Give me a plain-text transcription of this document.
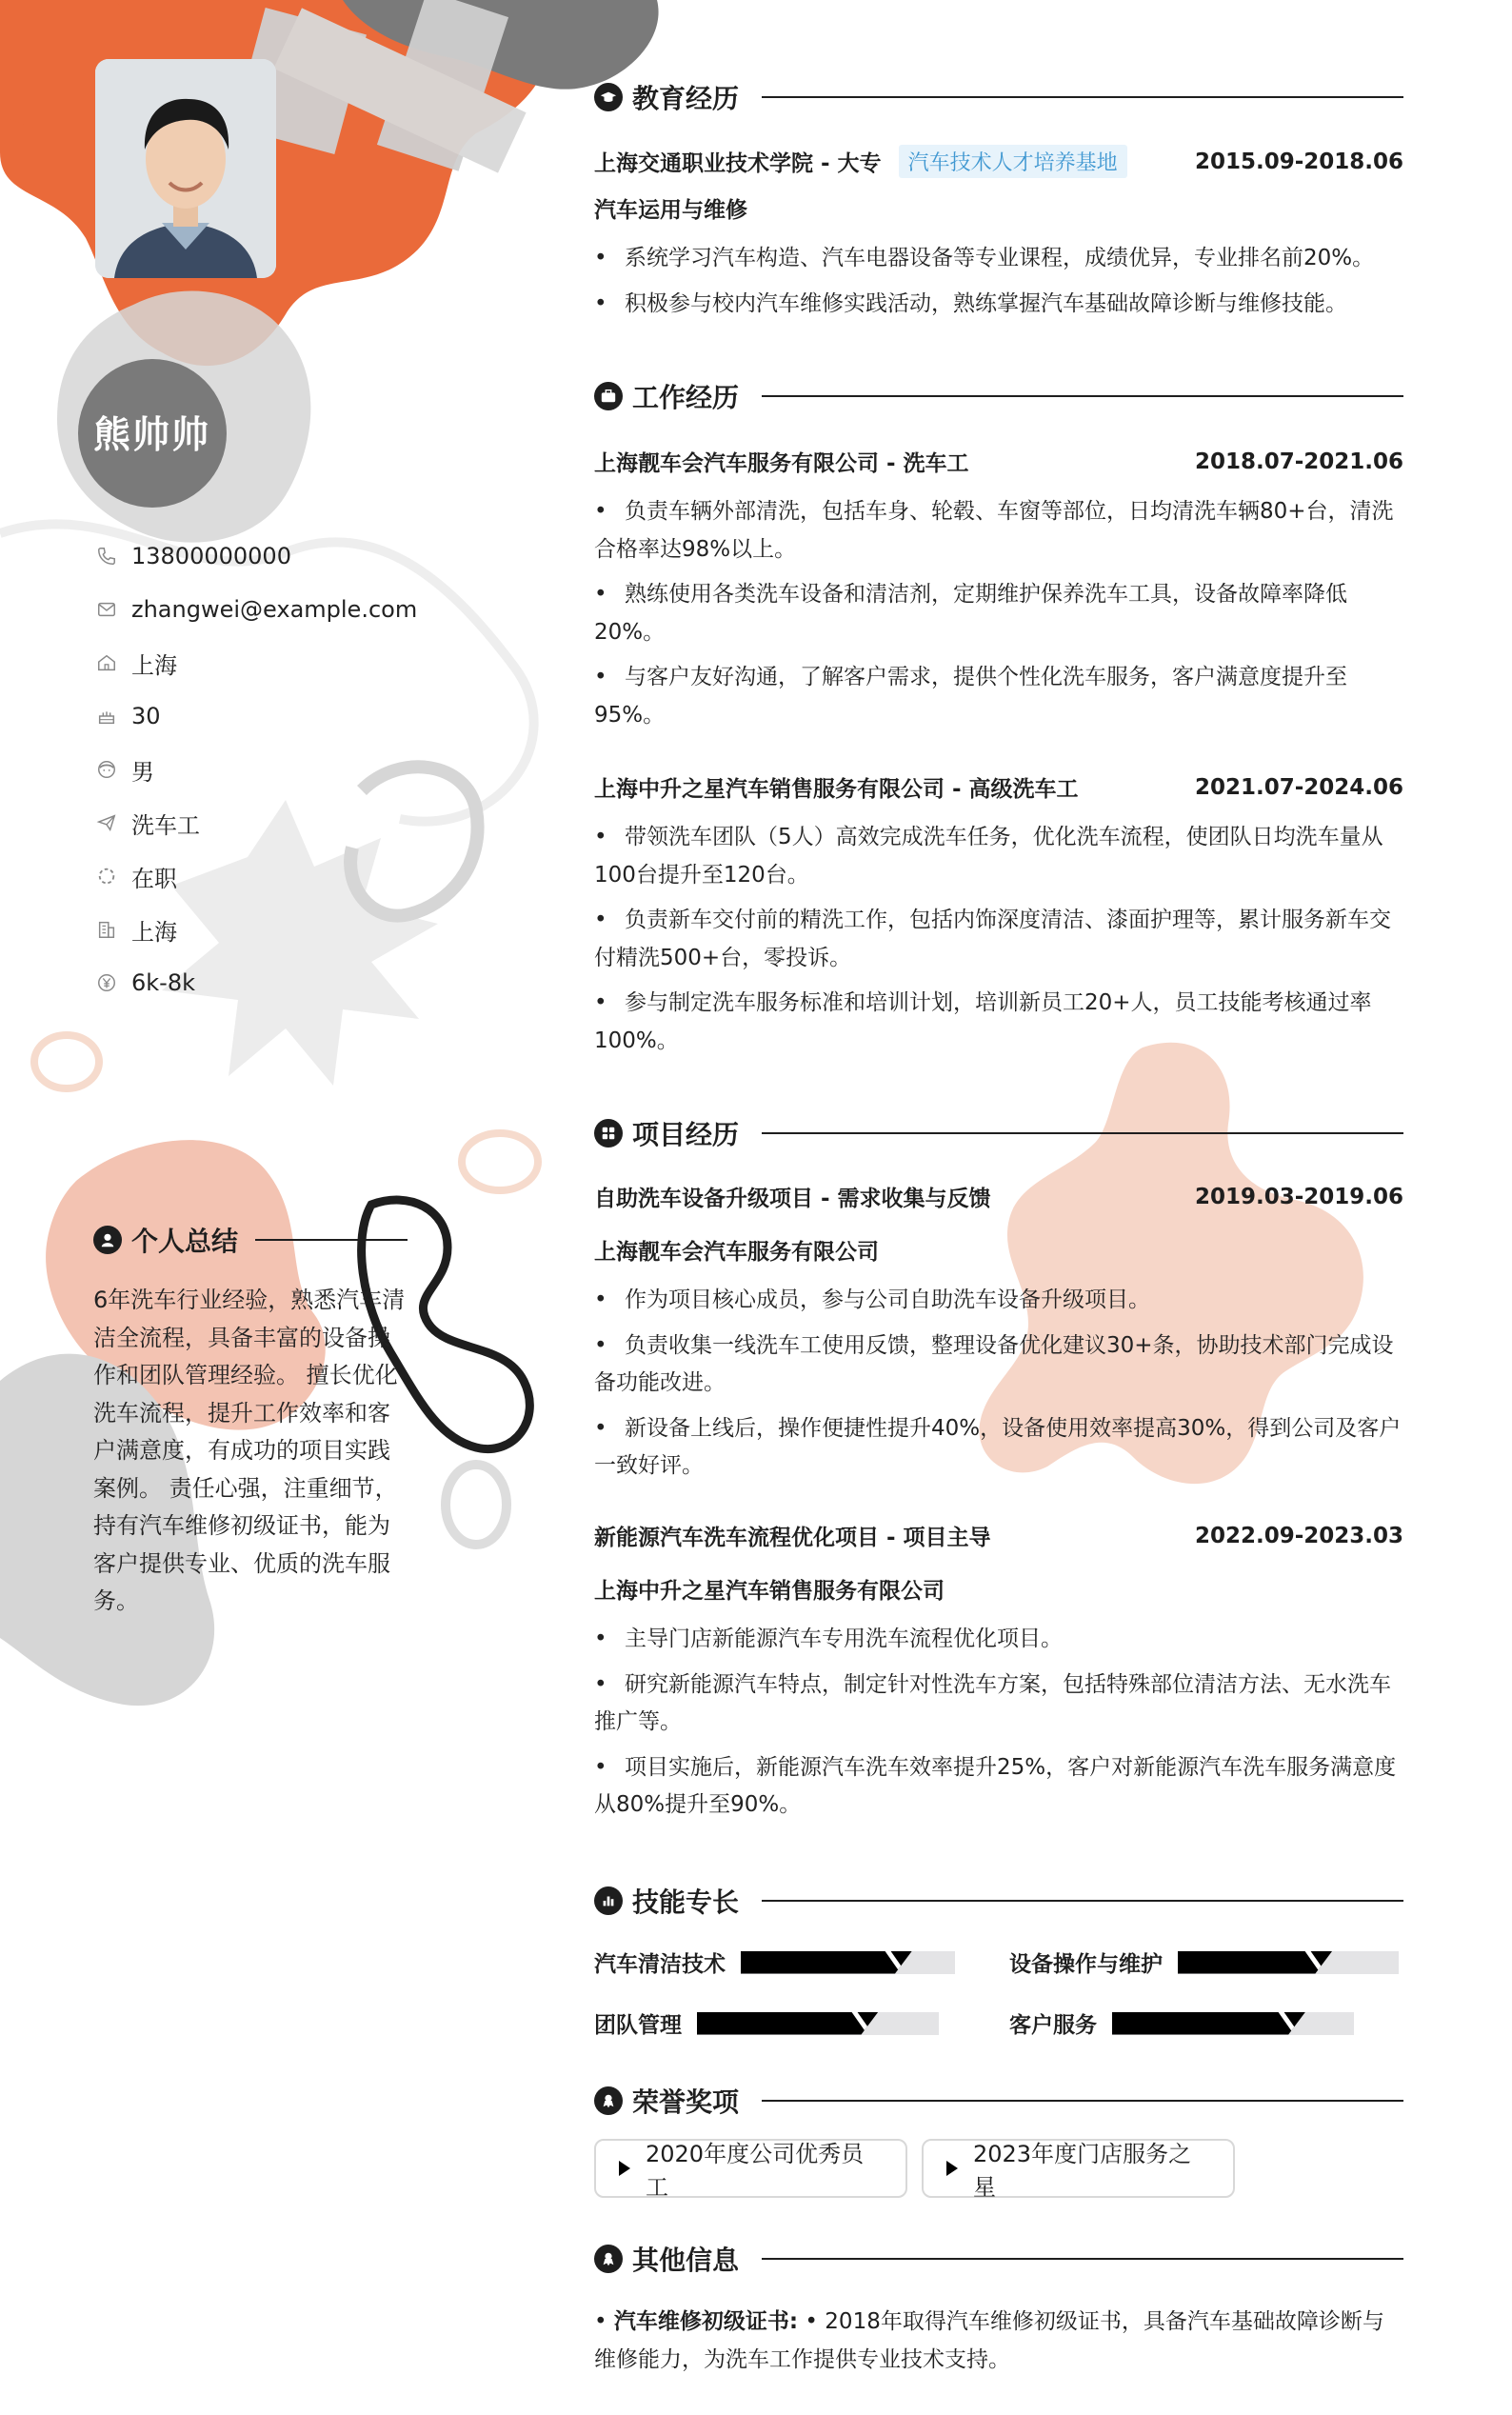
熊帅帅
13800000000
zhangwei@example.com
上海
30
男
洗车工
在职
上海
6k-8k
个人总结
6年洗车行业经验，熟悉汽车清洁全流程，具备丰富的设备操作和团队管理经验。 擅长优化洗车流程，提升工作效率和客户满意度，有成功的项目实践案例。 责任心强，注重细节，持有汽车维修初级证书，能为客户提供专业、优质的洗车服务。
教育经历
上海交通职业技术学院 - 大专	汽车技术人才培养基地	2015.09-2018.06
汽车运用与维修
• 系统学习汽车构造、汽车电器设备等专业课程，成绩优异，专业排名前20%。
• 积极参与校内汽车维修实践活动，熟练掌握汽车基础故障诊断与维修技能。
工作经历
上海靓车会汽车服务有限公司 - 洗车工	2018.07-2021.06
• 负责车辆外部清洗，包括车身、轮毂、车窗等部位，日均清洗车辆80+台，清洗合格率达98%以上。
• 熟练使用各类洗车设备和清洁剂，定期维护保养洗车工具，设备故障率降低20%。
• 与客户友好沟通，了解客户需求，提供个性化洗车服务，客户满意度提升至95%。
上海中升之星汽车销售服务有限公司 - 高级洗车工	2021.07-2024.06
• 带领洗车团队（5人）高效完成洗车任务，优化洗车流程，使团队日均洗车量从100台提升至120台。
• 负责新车交付前的精洗工作，包括内饰深度清洁、漆面护理等，累计服务新车交付精洗500+台，零投诉。
• 参与制定洗车服务标准和培训计划，培训新员工20+人，员工技能考核通过率100%。
项目经历
自助洗车设备升级项目 - 需求收集与反馈	2019.03-2019.06
上海靓车会汽车服务有限公司
• 作为项目核心成员，参与公司自助洗车设备升级项目。
• 负责收集一线洗车工使用反馈，整理设备优化建议30+条，协助技术部门完成设备功能改进。
• 新设备上线后，操作便捷性提升40%，设备使用效率提高30%，得到公司及客户一致好评。
新能源汽车洗车流程优化项目 - 项目主导	2022.09-2023.03
上海中升之星汽车销售服务有限公司
• 主导门店新能源汽车专用洗车流程优化项目。
• 研究新能源汽车特点，制定针对性洗车方案，包括特殊部位清洁方法、无水洗车推广等。
• 项目实施后，新能源汽车洗车效率提升25%，客户对新能源汽车洗车服务满意度从80%提升至90%。
技能专长
汽车清洁技术	设备操作与维护
团队管理	客户服务
荣誉奖项
2020年度公司优秀员工
2023年度门店服务之星
其他信息
• 汽车维修初级证书: • 2018年取得汽车维修初级证书，具备汽车基础故障诊断与维修能力，为洗车工作提供专业技术支持。
